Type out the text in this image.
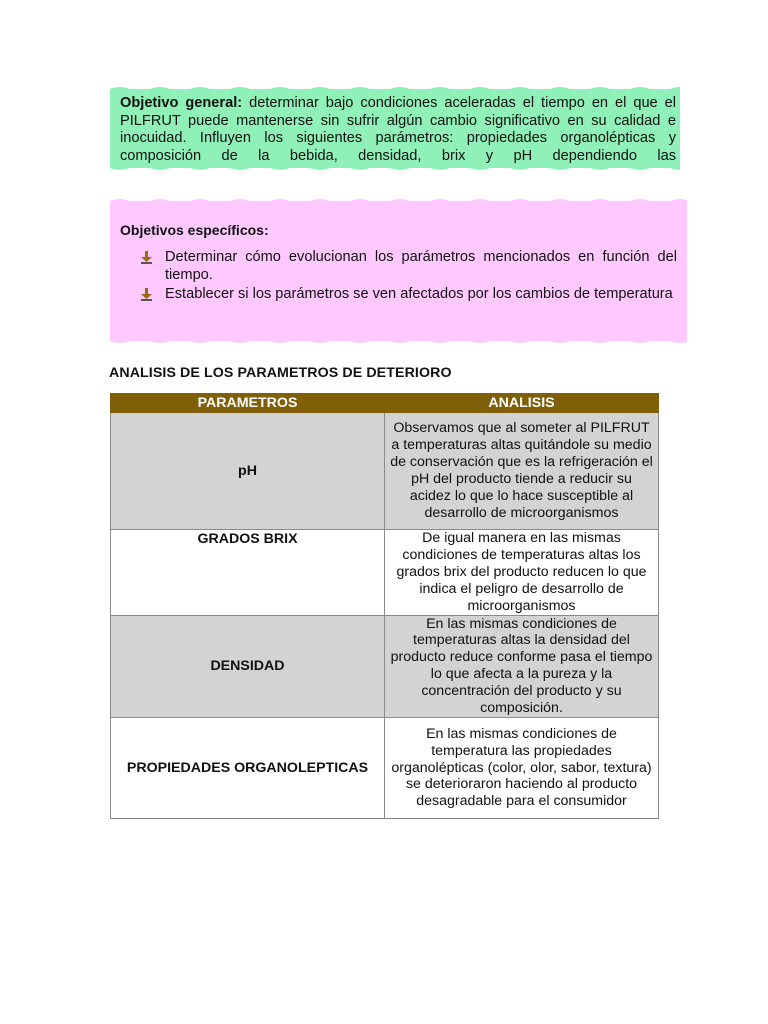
Objetivo general: determinar bajo condiciones aceleradas el tiempo en el que el PILFRUT puede mantenerse sin sufrir algún cambio significativo en su calidad e inocuidad. Influyen los siguientes parámetros: propiedades organolépticas y composición de la bebida, densidad, brix y pH dependiendo las
Objetivos específicos:
Determinar cómo evolucionan los parámetros mencionados en función del tiempo.
Establecer si los parámetros se ven afectados por los cambios de temperatura
ANALISIS DE LOS PARAMETROS DE DETERIORO
PARAMETROS	ANALISIS
pH	Observamos que al someter al PILFRUT a temperaturas altas quitándole su medio de conservación que es la refrigeración el pH del producto tiende a reducir su acidez lo que lo hace susceptible al desarrollo de microorganismos
GRADOS BRIX	De igual manera en las mismas condiciones de temperaturas altas los grados brix del producto reducen lo que indica el peligro de desarrollo de microorganismos
DENSIDAD	En las mismas condiciones de temperaturas altas la densidad del producto reduce conforme pasa el tiempo lo que afecta a la pureza y la concentración del producto y su composición.
PROPIEDADES ORGANOLEPTICAS	En las mismas condiciones de temperatura las propiedades organolépticas (color, olor, sabor, textura) se deterioraron haciendo al producto desagradable para el consumidor
